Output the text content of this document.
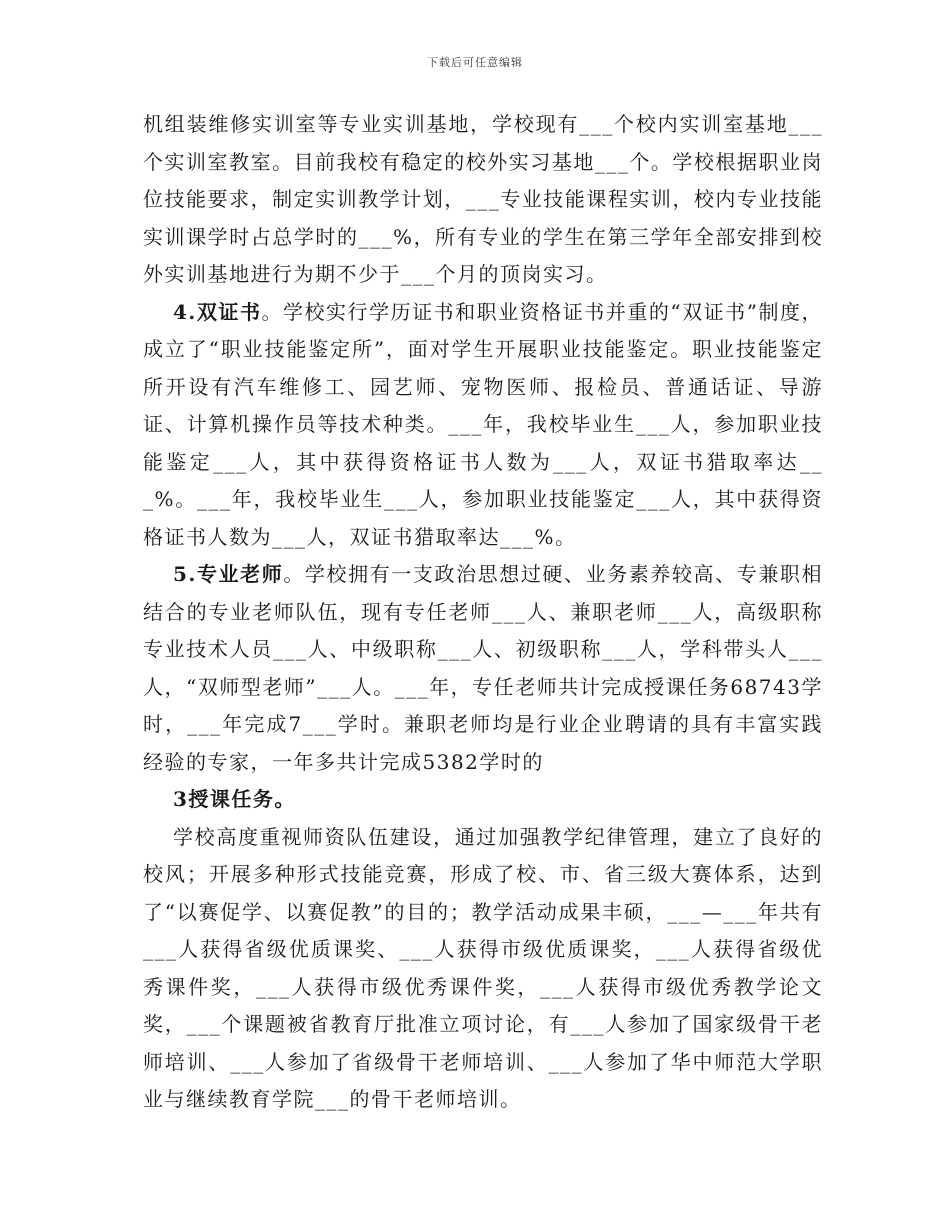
下载后可任意编辑

机组装维修实训室等专业实训基地，学校现有___个校内实训室基地___个实训室教室。目前我校有稳定的校外实习基地___个。学校根据职业岗位技能要求，制定实训教学计划，___专业技能课程实训，校内专业技能实训课学时占总学时的___%，所有专业的学生在第三学年全部安排到校外实训基地进行为期不少于___个月的顶岗实习。

4.双证书。学校实行学历证书和职业资格证书并重的“双证书”制度，成立了“职业技能鉴定所”，面对学生开展职业技能鉴定。职业技能鉴定所开设有汽车维修工、园艺师、宠物医师、报检员、普通话证、导游证、计算机操作员等技术种类。___年，我校毕业生___人，参加职业技能鉴定___人，其中获得资格证书人数为___人，双证书猎取率达___%。___年，我校毕业生___人，参加职业技能鉴定___人，其中获得资格证书人数为___人，双证书猎取率达___%。

5.专业老师。学校拥有一支政治思想过硬、业务素养较高、专兼职相结合的专业老师队伍，现有专任老师___人、兼职老师___人，高级职称专业技术人员___人、中级职称___人、初级职称___人，学科带头人___人，“双师型老师”___人。___年，专任老师共计完成授课任务68743学时，___年完成7___学时。兼职老师均是行业企业聘请的具有丰富实践经验的专家，一年多共计完成5382学时的

3授课任务。

学校高度重视师资队伍建设，通过加强教学纪律管理，建立了良好的校风；开展多种形式技能竞赛，形成了校、市、省三级大赛体系，达到了“以赛促学、以赛促教”的目的；教学活动成果丰硕，___—___年共有___人获得省级优质课奖、___人获得市级优质课奖，___人获得省级优秀课件奖，___人获得市级优秀课件奖，___人获得市级优秀教学论文奖，___个课题被省教育厅批准立项讨论，有___人参加了国家级骨干老师培训、___人参加了省级骨干老师培训、___人参加了华中师范大学职业与继续教育学院___的骨干老师培训。
